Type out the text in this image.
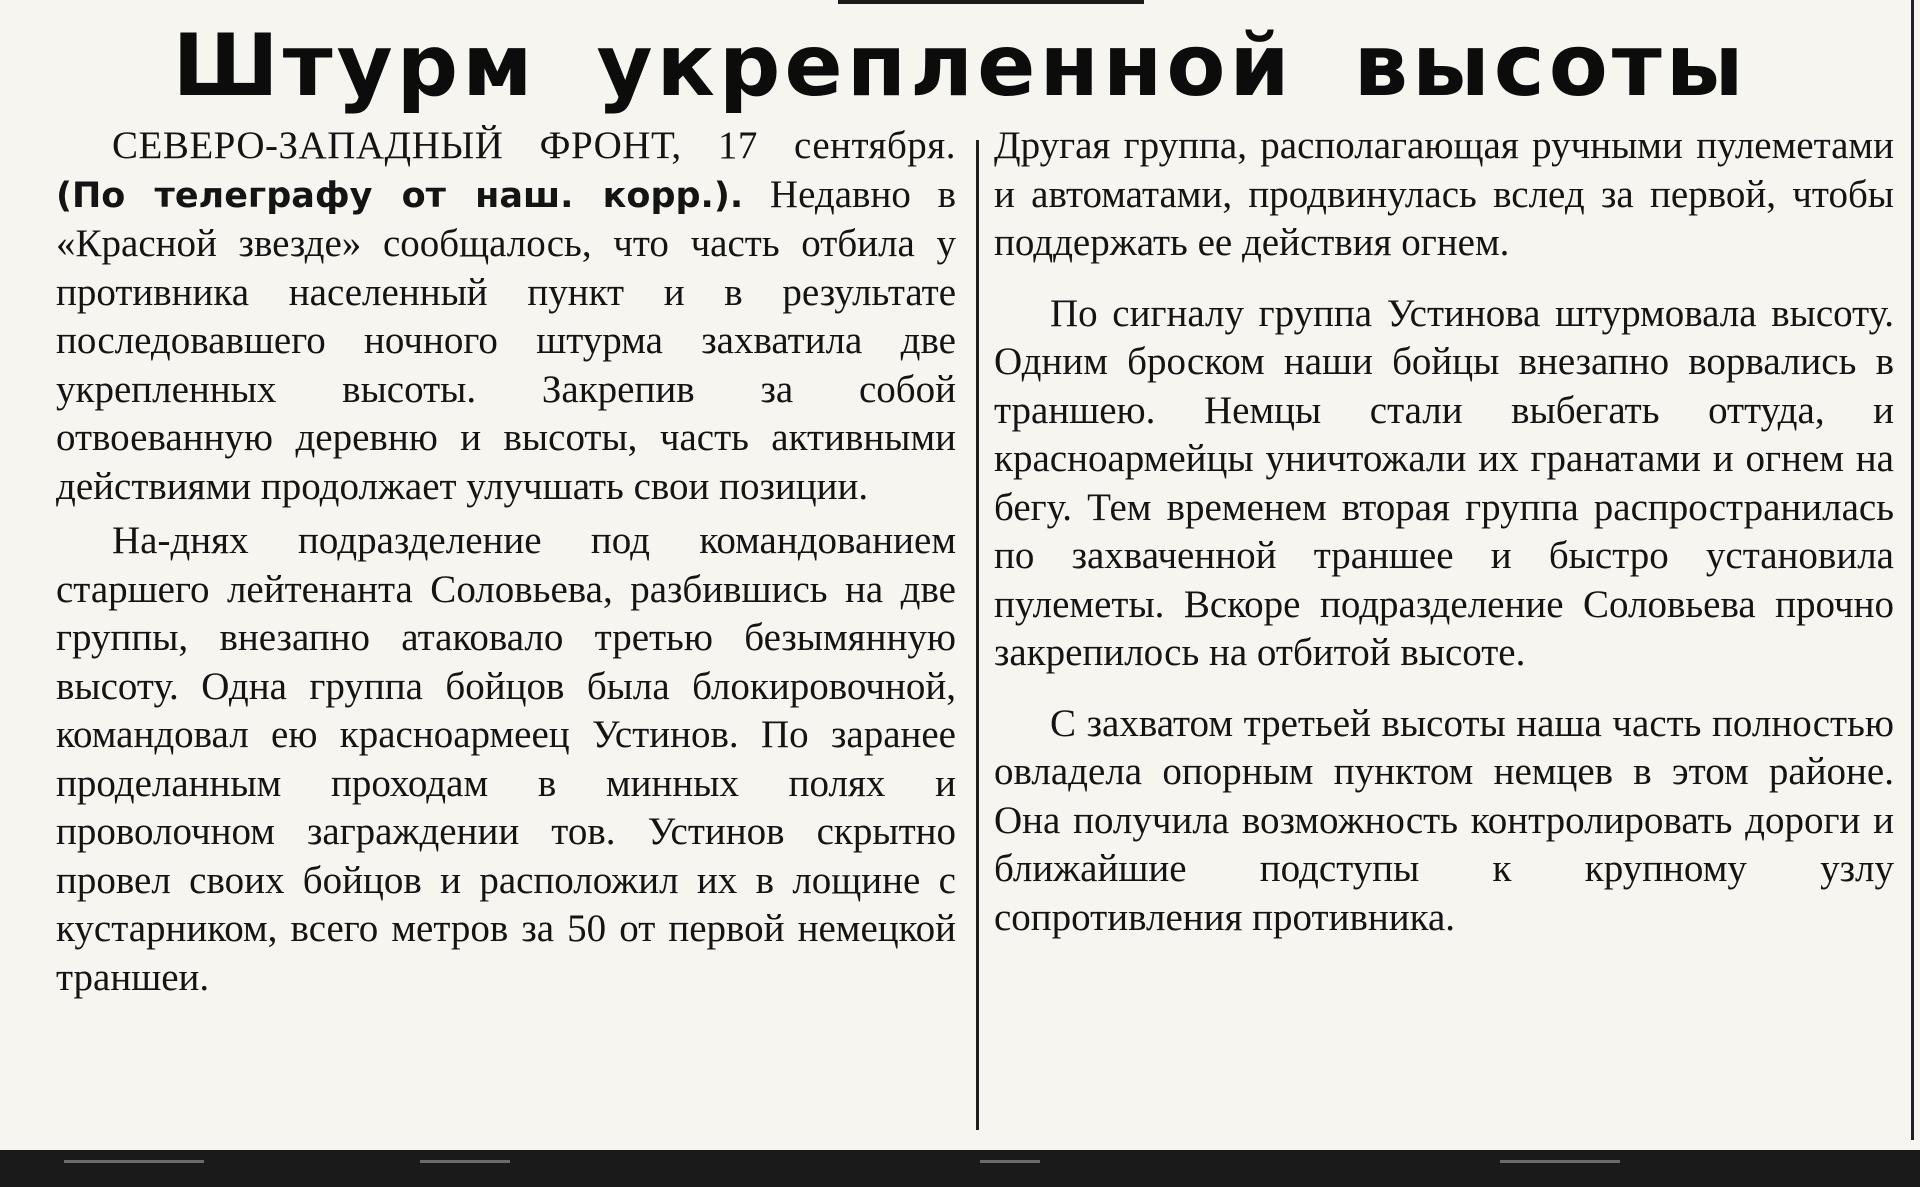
Штурм укрепленной высоты

СЕВЕРО-ЗАПАДНЫЙ ФРОНТ, 17 сентября. (По телеграфу от наш. корр.). Недавно в «Красной звезде» сообщалось, что часть отбила у противника населенный пункт и в результате последовавшего ночного штурма захватила две укрепленных высоты. Закрепив за собой отвоеванную деревню и высоты, часть активными действиями продолжает улучшать свои позиции.

На-днях подразделение под командованием старшего лейтенанта Соловьева, разбившись на две группы, внезапно атаковало третью безымянную высоту. Одна группа бойцов была блокировочной, командовал ею красноармеец Устинов. По заранее проделанным проходам в минных полях и проволочном заграждении тов. Устинов скрытно провел своих бойцов и расположил их в лощине с кустарником, всего метров за 50 от первой немецкой траншеи.

Другая группа, располагающая ручными пулеметами и автоматами, продвинулась вслед за первой, чтобы поддержать ее действия огнем.

По сигналу группа Устинова штурмовала высоту. Одним броском наши бойцы внезапно ворвались в траншею. Немцы стали выбегать оттуда, и красноармейцы уничтожали их гранатами и огнем на бегу. Тем временем вторая группа распространилась по захваченной траншее и быстро установила пулеметы. Вскоре подразделение Соловьева прочно закрепилось на отбитой высоте.

С захватом третьей высоты наша часть полностью овладела опорным пунктом немцев в этом районе. Она получила возможность контролировать дороги и ближайшие подступы к крупному узлу сопротивления противника.
